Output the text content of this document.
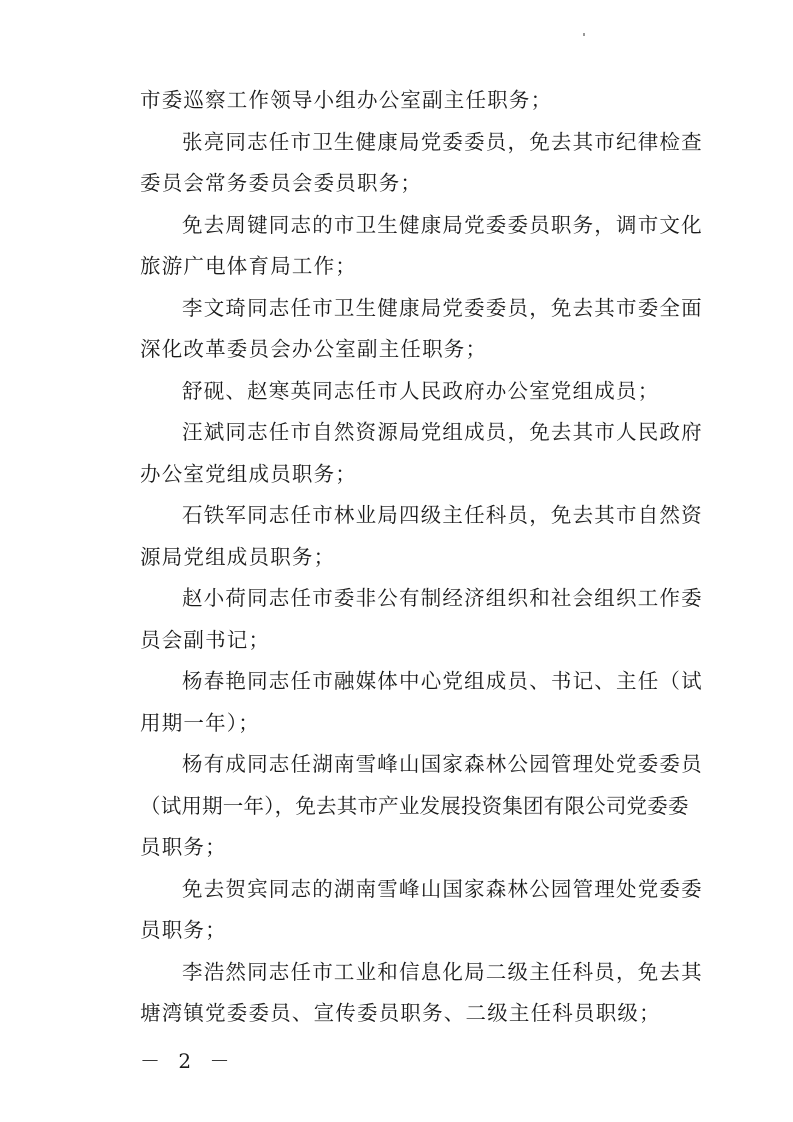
市委巡察工作领导小组办公室副主任职务；
张亮同志任市卫生健康局党委委员，免去其市纪律检查
委员会常务委员会委员职务；
免去周键同志的市卫生健康局党委委员职务，调市文化
旅游广电体育局工作；
李文琦同志任市卫生健康局党委委员，免去其市委全面
深化改革委员会办公室副主任职务；
舒砚、赵寒英同志任市人民政府办公室党组成员；
汪斌同志任市自然资源局党组成员，免去其市人民政府
办公室党组成员职务；
石铁军同志任市林业局四级主任科员，免去其市自然资
源局党组成员职务；
赵小荷同志任市委非公有制经济组织和社会组织工作委
员会副书记；
杨春艳同志任市融媒体中心党组成员、书记、主任（试
用期一年）；
杨有成同志任湖南雪峰山国家森林公园管理处党委委员
（试用期一年），免去其市产业发展投资集团有限公司党委委
员职务；
免去贺宾同志的湖南雪峰山国家森林公园管理处党委委
员职务；
李浩然同志任市工业和信息化局二级主任科员，免去其
塘湾镇党委委员、宣传委员职务、二级主任科员职级；
－ 2 －
